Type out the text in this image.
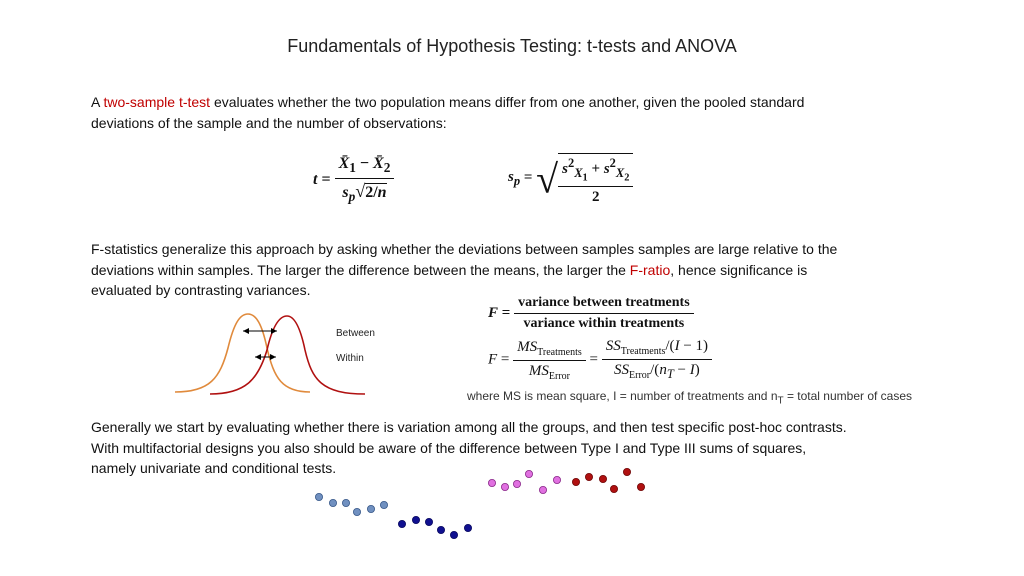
Fundamentals of Hypothesis Testing: t-tests and ANOVA
A two-sample t-test evaluates whether the two population means differ from one another, given the pooled standard
deviations of the sample and the number of observations:
$t = \frac{X̄_1 - X̄_2}{s_p√2/n}$	$s_p$ = √ $\frac{s^2_{X_1} + s^2_{X_2}}{2}$
F-statistics generalize this approach by asking whether the deviations between samples samples are large relative to the
deviations within samples. The larger the difference between the means, the larger the F-ratio, hence significance is
evaluated by contrasting variances.
Between
Within
$F = \frac{\text{variance between treatments}}{\text{variance within treatments}}$
$F = \frac{MS_{Treatments}}{MS_{Error}} = \frac{SS_{Treatments}/(I - 1)}{SS_{Error}/(n_T - I)}$
where MS is mean square, I = number of treatments and $n_T$ = total number of cases
Generally we start by evaluating whether there is variation among all the groups, and then test specific post-hoc contrasts.
With multifactorial designs you also should be aware of the difference between Type I and Type III sums of squares,
namely univariate and conditional tests.
